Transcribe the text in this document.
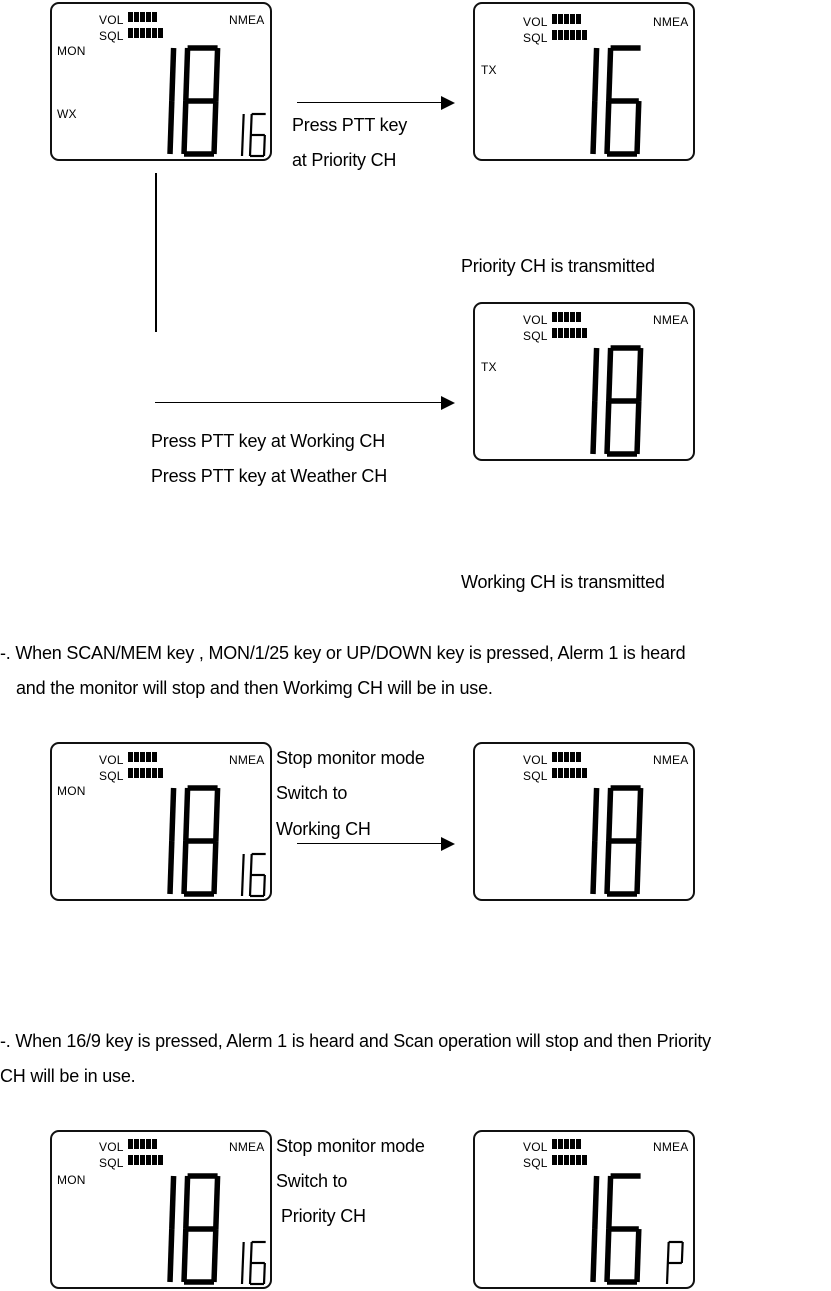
VOL
SQL
NMEA
MON
WX
VOL
SQL
NMEA
TX
VOL
SQL
NMEA
TX
VOL
SQL
NMEA
MON
VOL
SQL
NMEA
VOL
SQL
NMEA
MON
VOL
SQL
NMEA
Press PTT key
at Priority CH
Priority CH is transmitted
Press PTT key at Working CH
Press PTT key at Weather CH
Working CH is transmitted
-. When SCAN/MEM key , MON/1/25 key or UP/DOWN key is pressed, Alerm 1 is heard
and the monitor will stop and then Workimg CH will be in use.
Stop monitor mode
Switch to
Working CH
-. When 16/9 key is pressed, Alerm 1 is heard and Scan operation will stop and then Priority
CH will be in use.
Stop monitor mode
Switch to
Priority CH
